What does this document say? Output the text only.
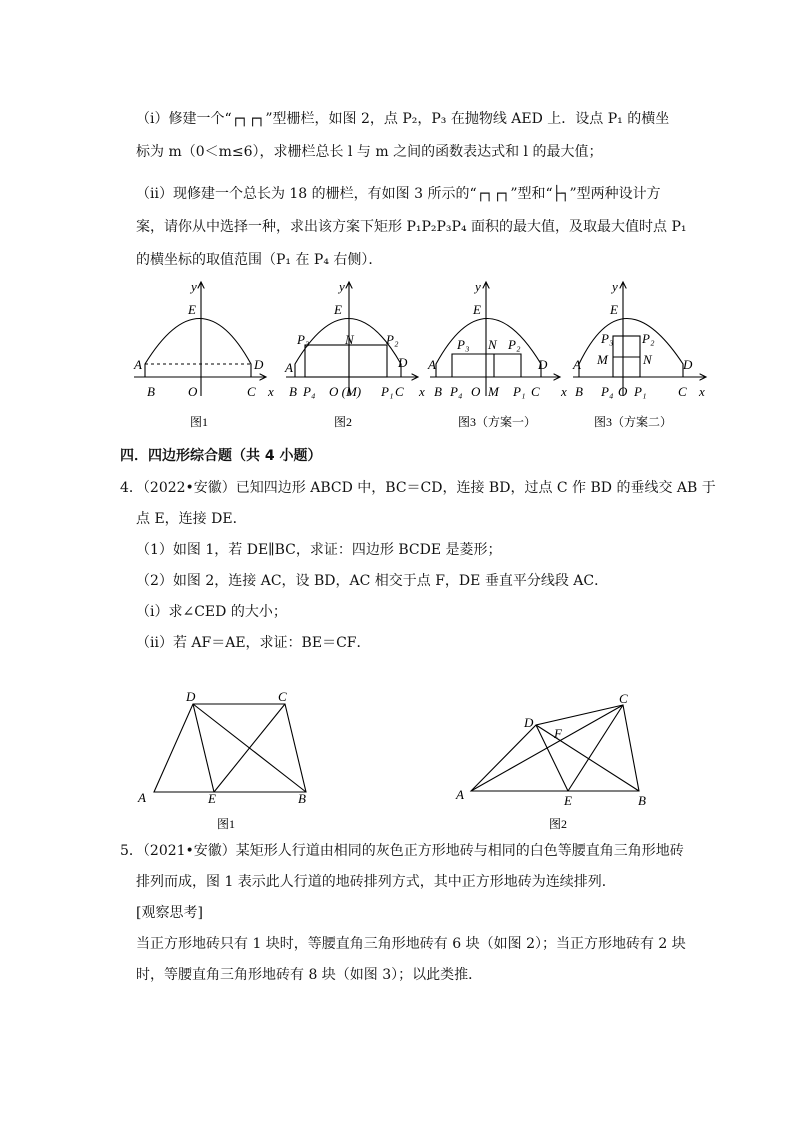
（ⅰ）修建一个“┌┐┌┐”型栅栏，如图 2，点 P₂，P₃ 在抛物线 AED 上．设点 P₁ 的横坐
标为 m（0＜m≤6），求栅栏总长 l 与 m 之间的函数表达式和 l 的最大值；
（ⅱ）现修建一个总长为 18 的栅栏，有如图 3 所示的“┌┐┌┐”型和“├┐”型两种设计方
案，请你从中选择一种，求出该方案下矩形 P₁P₂P₃P₄ 面积的最大值，及取最大值时点 P₁
的横坐标的取值范围（P₁ 在 P₄ 右侧）．
y
E
A	D
B	O	C x
y
E
P₃	N P₂
A	D
B P₄ O (M) P₁ C x
y
E
P₃ N P₂
A	D
B P₄ O M P₁ C x
y
E
P₃ P₂
M	N
A	D
B P₄ O P₁ C x
图1	图2	图3（方案一）	图3（方案二）
四．四边形综合题（共 4 小题）
4．（2022•安徽）已知四边形 ABCD 中，BC＝CD，连接 BD，过点 C 作 BD 的垂线交 AB 于
点 E，连接 DE．
（1）如图 1，若 DE∥BC，求证：四边形 BCDE 是菱形；
（2）如图 2，连接 AC，设 BD，AC 相交于点 F，DE 垂直平分线段 AC．
（ⅰ）求∠CED 的大小；
（ⅱ）若 AF＝AE，求证：BE＝CF．
D	C
A	E	B
D
C
F
A	E	B
图1	图2
5．（2021•安徽）某矩形人行道由相同的灰色正方形地砖与相同的白色等腰直角三角形地砖
排列而成，图 1 表示此人行道的地砖排列方式，其中正方形地砖为连续排列．
[观察思考]
当正方形地砖只有 1 块时，等腰直角三角形地砖有 6 块（如图 2）；当正方形地砖有 2 块
时，等腰直角三角形地砖有 8 块（如图 3）；以此类推．
